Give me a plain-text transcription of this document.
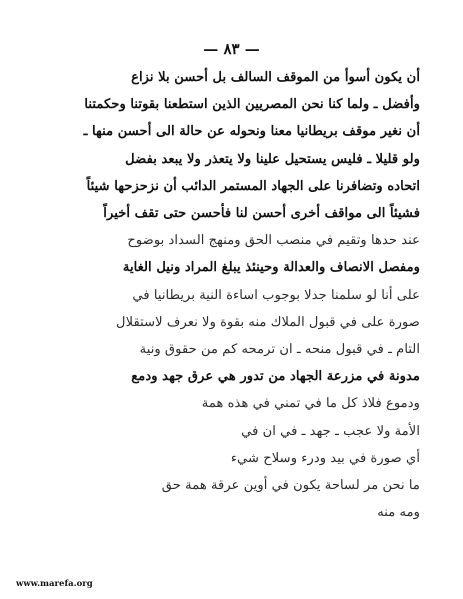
— ٨٣ —
أن يكون أسوأ من الموقف السالف بل أحسن بلا نزاع
وأفضل ـ ولما كنا نحن المصريين الذين استطعنا بقوتنا وحكمتنا
أن نغير موقف بريطانيا معنا ونحوله عن حالة الى أحسن منها ـ
ولو قليلا ـ فليس يستحيل علينا ولا يتعذر ولا يبعد بفضل
اتحاده وتضافرنا على الجهاد المستمر الدائب أن نزحزحها شيئاً
فشيئاً الى مواقف أخرى أحسن لنا فأحسن حتى تقف أخيراً
عند حدها وتقيم في منصب الحق ومنهج السداد بوضوح
ومفصل الانصاف والعدالة وحينئذ يبلغ المراد ونيل الغاية
على أنا لو سلمنا جدلا بوجوب اساءة النية بريطانيا في
صورة على في قبول الملاك منه بقوة ولا نعرف لاستقلال
التام ـ في قبول منحه ـ ان ترمحه كم من حقوق ونية
مدونة في مزرعة الجهاد من تدور هي عرق جهد ودمع
ودموع فلاذ كل ما في تمني في هذه همة
الأمة ولا عجب ـ جهد ـ في ان في
أي صورة في بيد ودرء وسلاح شيء
ما نحن مر لساحة يكون في أوين عرقة همة حق
ومه منه
www.marefa.org
